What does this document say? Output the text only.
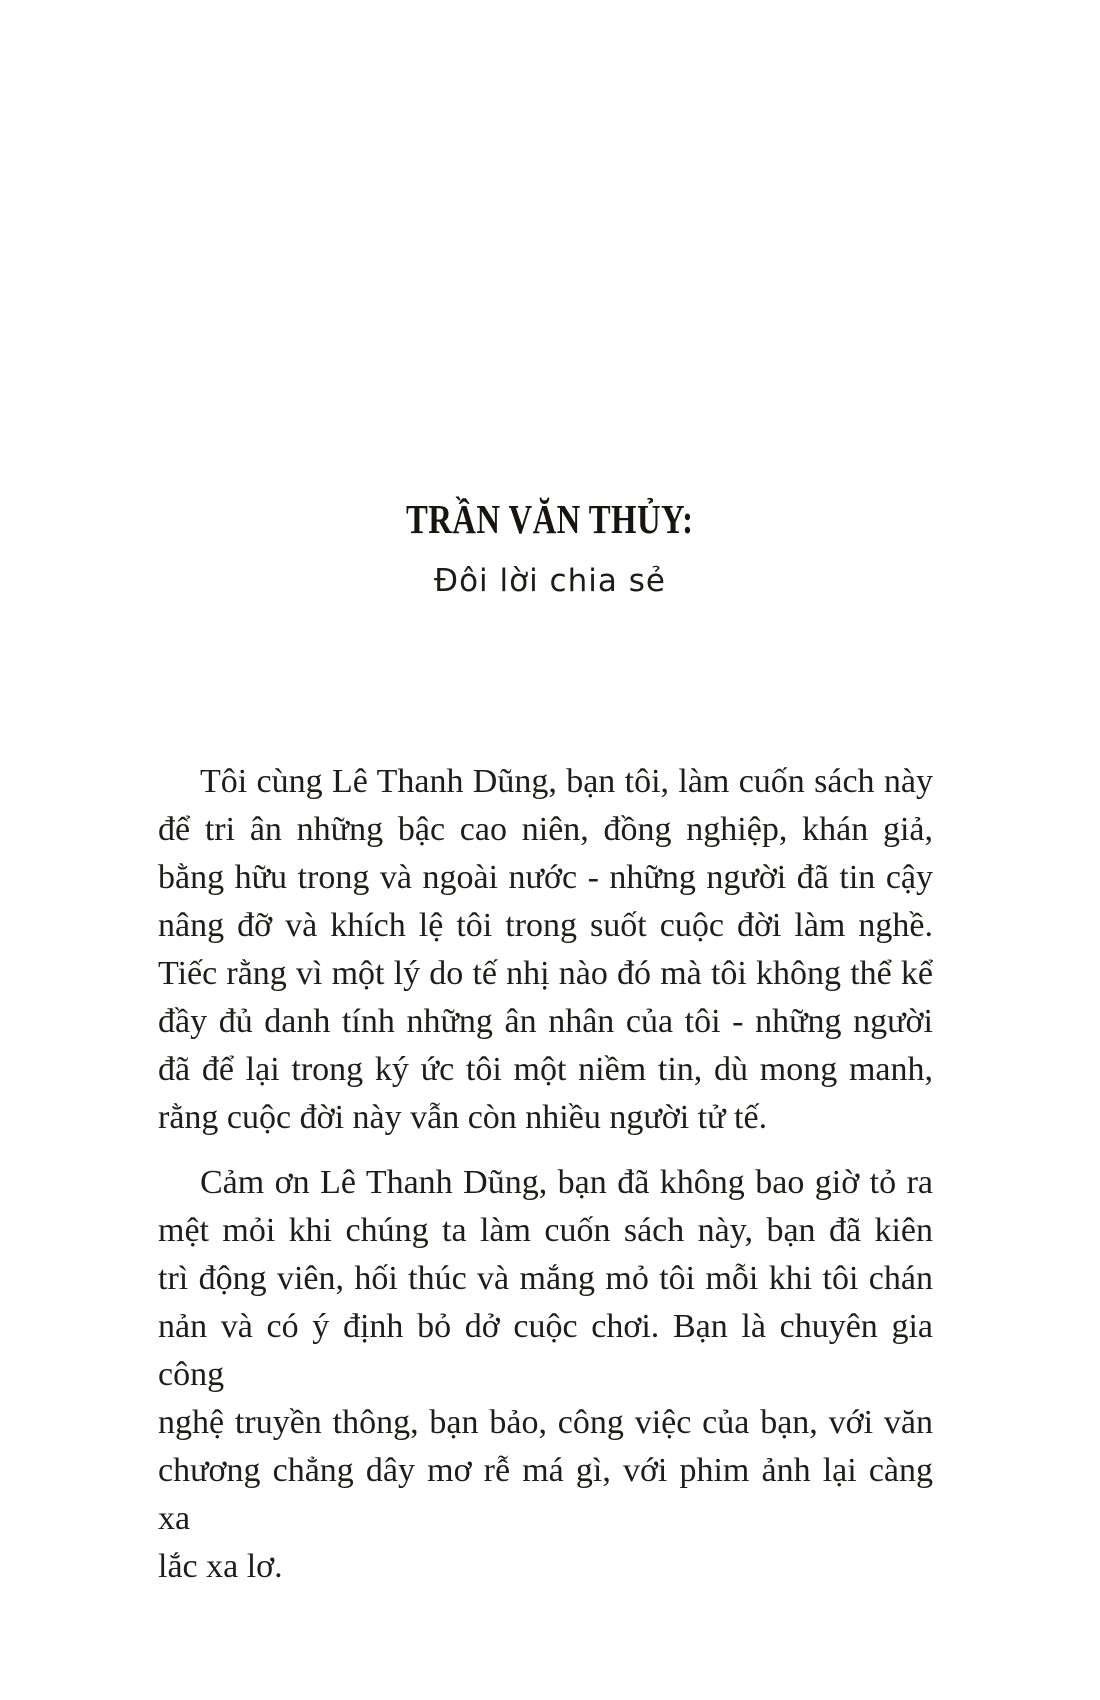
TRẦN VĂN THỦY:
Đôi lời chia sẻ
Tôi cùng Lê Thanh Dũng, bạn tôi, làm cuốn sách này
để tri ân những bậc cao niên, đồng nghiệp, khán giả,
bằng hữu trong và ngoài nước - những người đã tin cậy
nâng đỡ và khích lệ tôi trong suốt cuộc đời làm nghề.
Tiếc rằng vì một lý do tế nhị nào đó mà tôi không thể kể
đầy đủ danh tính những ân nhân của tôi - những người
đã để lại trong ký ức tôi một niềm tin, dù mong manh,
rằng cuộc đời này vẫn còn nhiều người tử tế.
Cảm ơn Lê Thanh Dũng, bạn đã không bao giờ tỏ ra
mệt mỏi khi chúng ta làm cuốn sách này, bạn đã kiên
trì động viên, hối thúc và mắng mỏ tôi mỗi khi tôi chán
nản và có ý định bỏ dở cuộc chơi. Bạn là chuyên gia công
nghệ truyền thông, bạn bảo, công việc của bạn, với văn
chương chẳng dây mơ rễ má gì, với phim ảnh lại càng xa
lắc xa lơ.
